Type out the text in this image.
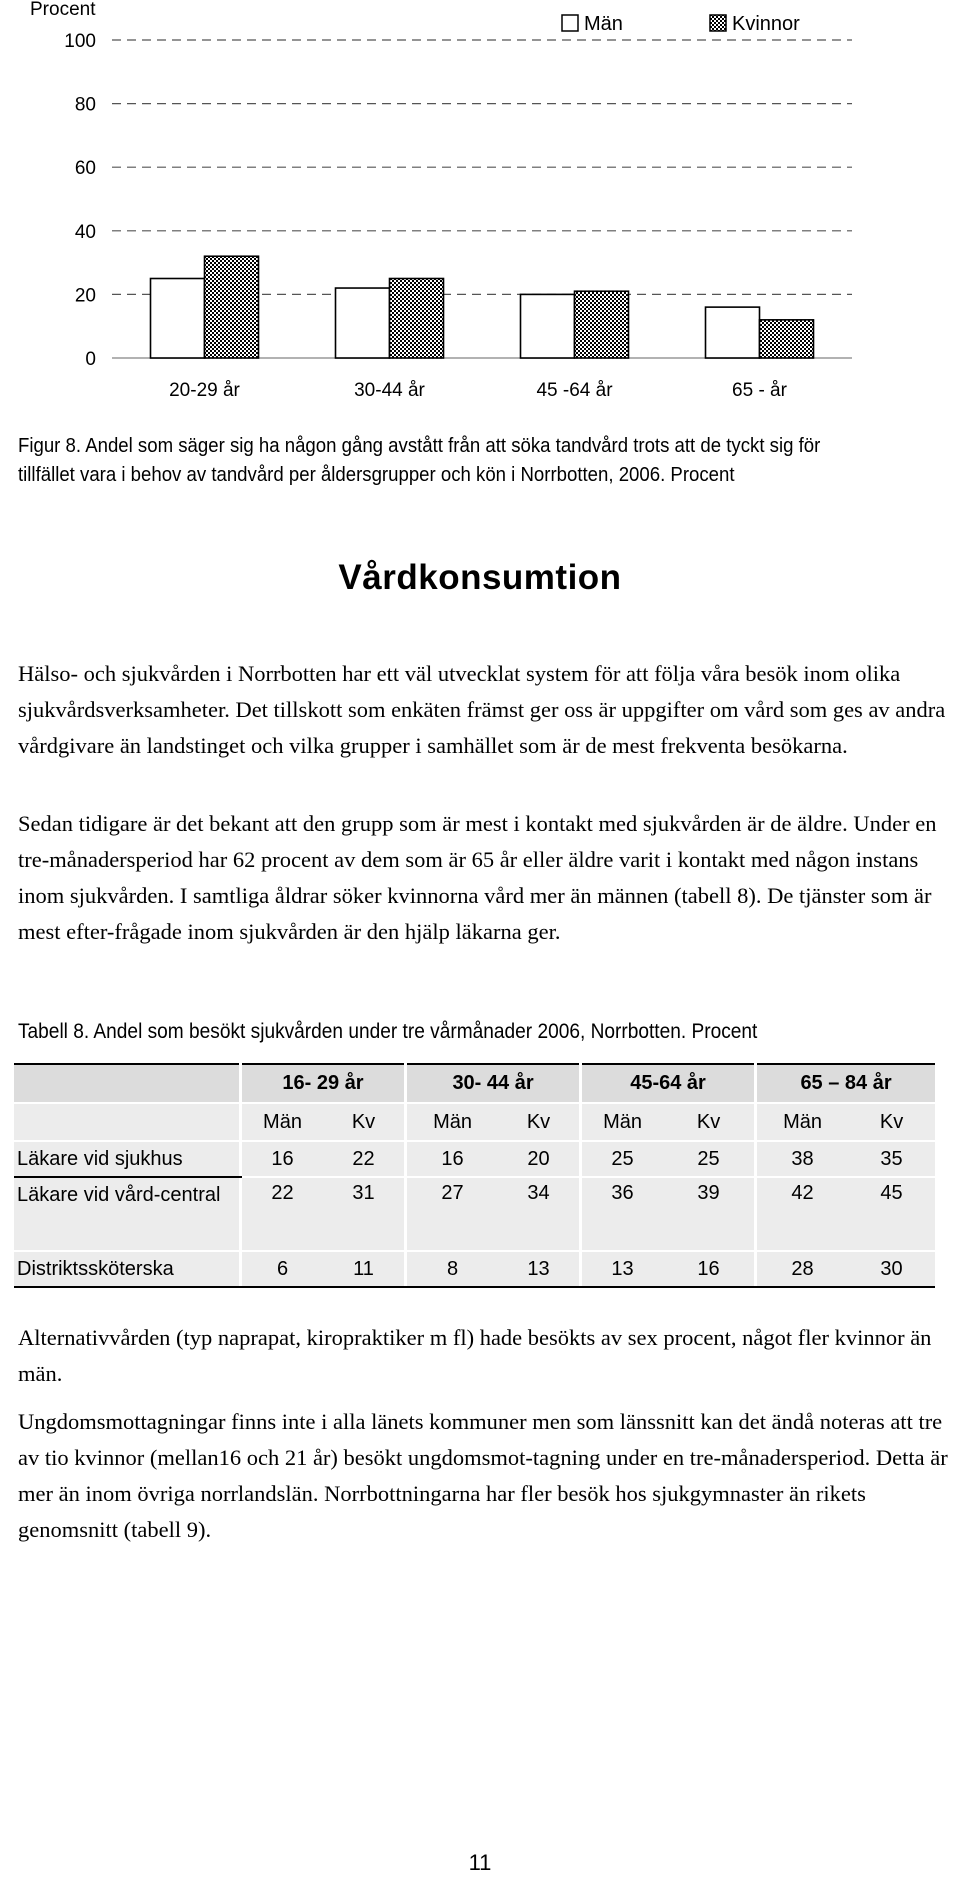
Procent
0
20
40
60
80
100
20-29 år	30-44 år	45 -64 år	65 - år
Män	Kvinnor
Figur 8. Andel som säger sig ha någon gång avstått från att söka tandvård trots att de tyckt sig för tillfället vara i behov av tandvård per åldersgrupper och kön i Norrbotten, 2006. Procent
Vårdkonsumtion

Hälso- och sjukvården i Norrbotten har ett väl utvecklat system för att följa våra besök inom olika sjukvårdsverksamheter. Det tillskott som enkäten främst ger oss är uppgifter om vård som ges av andra vårdgivare än landstinget och vilka grupper i samhället som är de mest frekventa besökarna.

Sedan tidigare är det bekant att den grupp som är mest i kontakt med sjukvården är de äldre. Under en tre-månadersperiod har 62 procent av dem som är 65 år eller äldre varit i kontakt med någon instans inom sjukvården. I samtliga åldrar söker kvinnorna vård mer än männen (tabell 8). De tjänster som är mest efter-frågade inom sjukvården är den hjälp läkarna ger.

Tabell 8. Andel som besökt sjukvården under tre vårmånader 2006, Norrbotten. Procent
		16- 29 år			30- 44 år			45-64 år			65 – 84 år	
		Män	Kv		Män	Kv		Män	Kv		Män	Kv
Läkare vid sjukhus		16	22		16	20		25	25		38	35
Läkare vid vård-central		22	31		27	34		36	39		42	45
Distriktssköterska		6	11		8	13		13	16		28	30

Alternativvården (typ naprapat, kiropraktiker m fl) hade besökts av sex procent, något fler kvinnor än män.

Ungdomsmottagningar finns inte i alla länets kommuner men som länssnitt kan det ändå noteras att tre av tio kvinnor (mellan16 och 21 år) besökt ungdomsmot-tagning under en tre-månadersperiod. Detta är mer än inom övriga norrlandslän. Norrbottningarna har fler besök hos sjukgymnaster än rikets genomsnitt (tabell 9).

11
